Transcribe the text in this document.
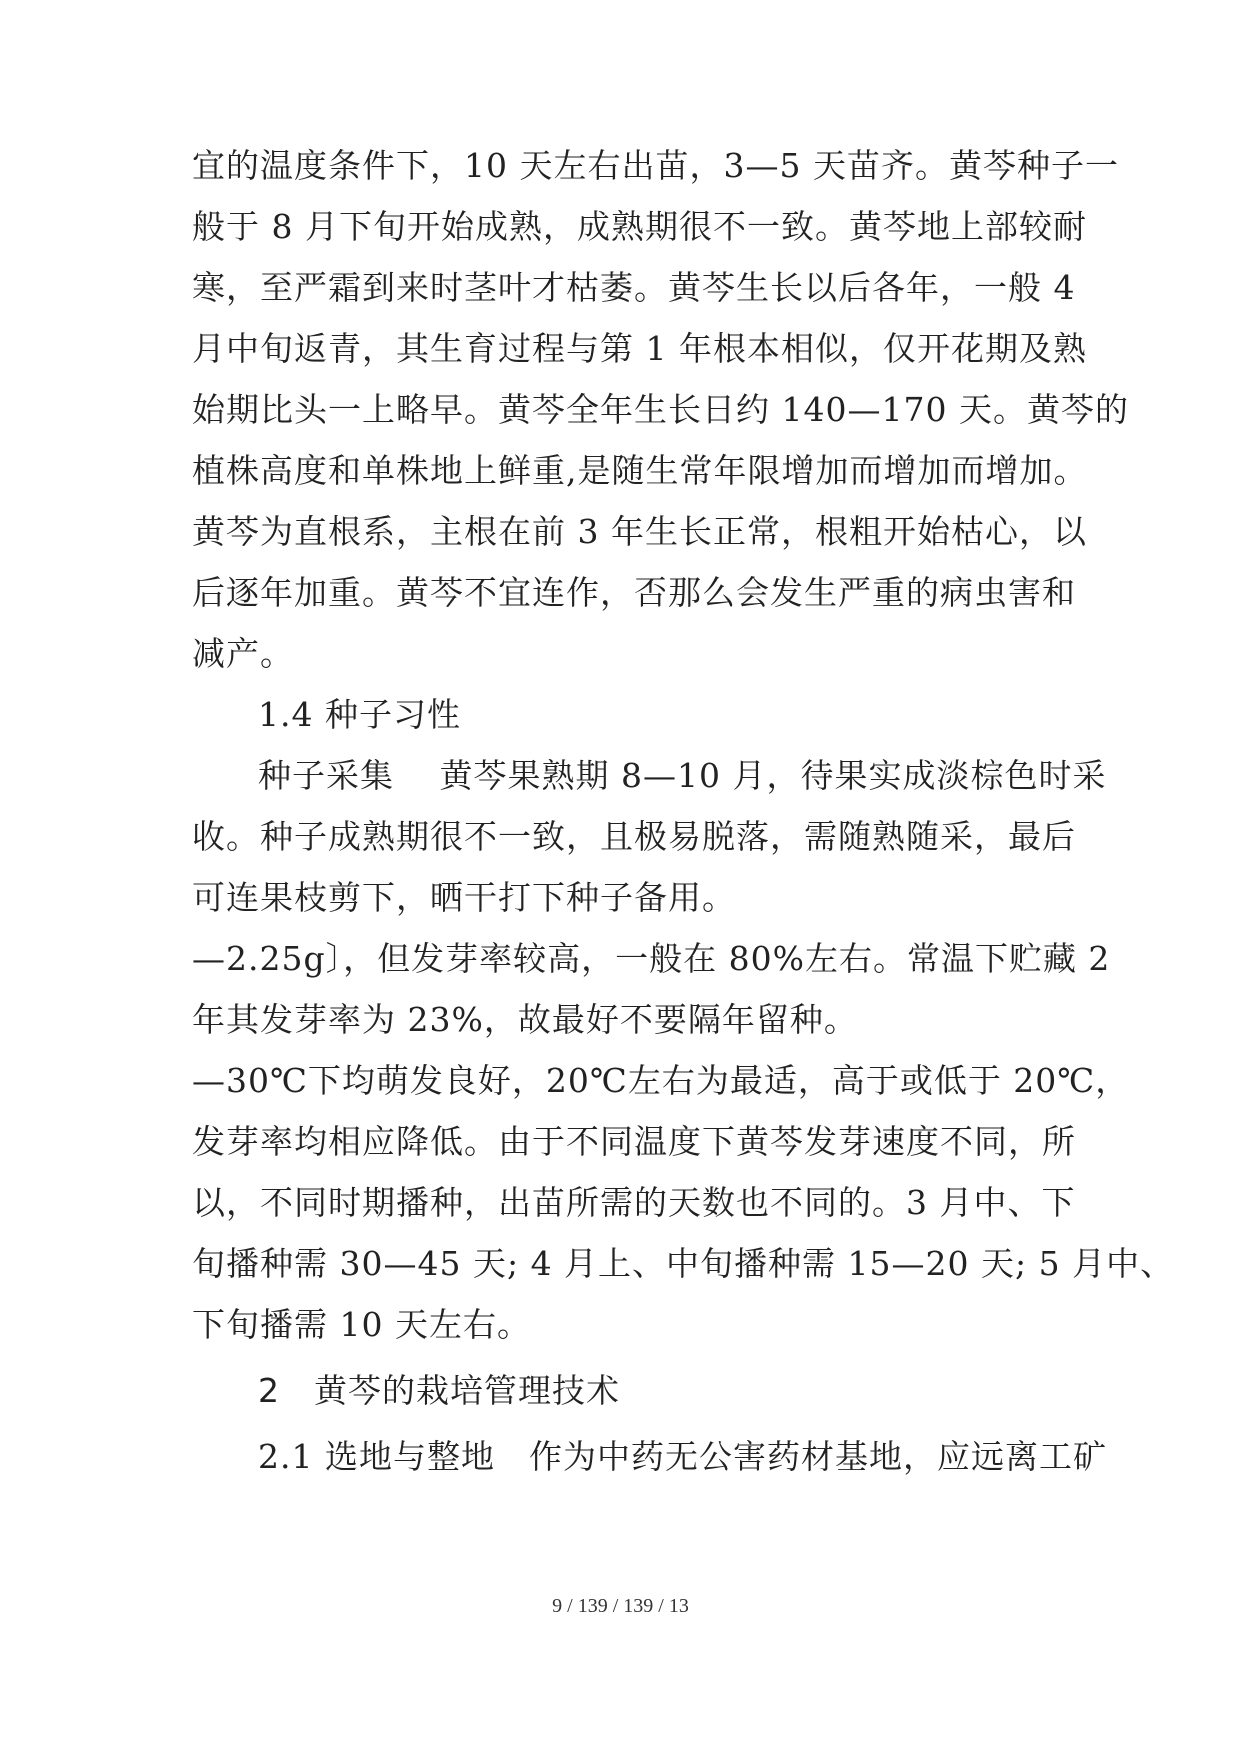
宜的温度条件下，10 天左右出苗，3—5 天苗齐。黄芩种子一
般于 8 月下旬开始成熟，成熟期很不一致。黄芩地上部较耐
寒，至严霜到来时茎叶才枯萎。黄芩生长以后各年，一般 4
月中旬返青，其生育过程与第 1 年根本相似，仅开花期及熟
始期比头一上略早。黄芩全年生长日约 140—170 天。黄芩的
植株高度和单株地上鲜重,是随生常年限增加而增加而增加。
黄芩为直根系，主根在前 3 年生长正常，根粗开始枯心，以
后逐年加重。黄芩不宜连作，否那么会发生严重的病虫害和
减产。
1.4 种子习性
种子采集　 黄芩果熟期 8—10 月，待果实成淡棕色时采
收。种子成熟期很不一致，且极易脱落，需随熟随采，最后
可连果枝剪下，晒干打下种子备用。
—2.25g〕，但发芽率较高，一般在 80%左右。常温下贮藏 2
年其发芽率为 23%，故最好不要隔年留种。
—30℃下均萌发良好，20℃左右为最适，高于或低于 20℃，
发芽率均相应降低。由于不同温度下黄芩发芽速度不同，所
以，不同时期播种，出苗所需的天数也不同的。3 月中、下
旬播种需 30—45 天; 4 月上、中旬播种需 15—20 天; 5 月中、
下旬播需 10 天左右。
2　黄芩的栽培管理技术
2.1 选地与整地　作为中药无公害药材基地，应远离工矿
9 / 139 / 139 / 13
